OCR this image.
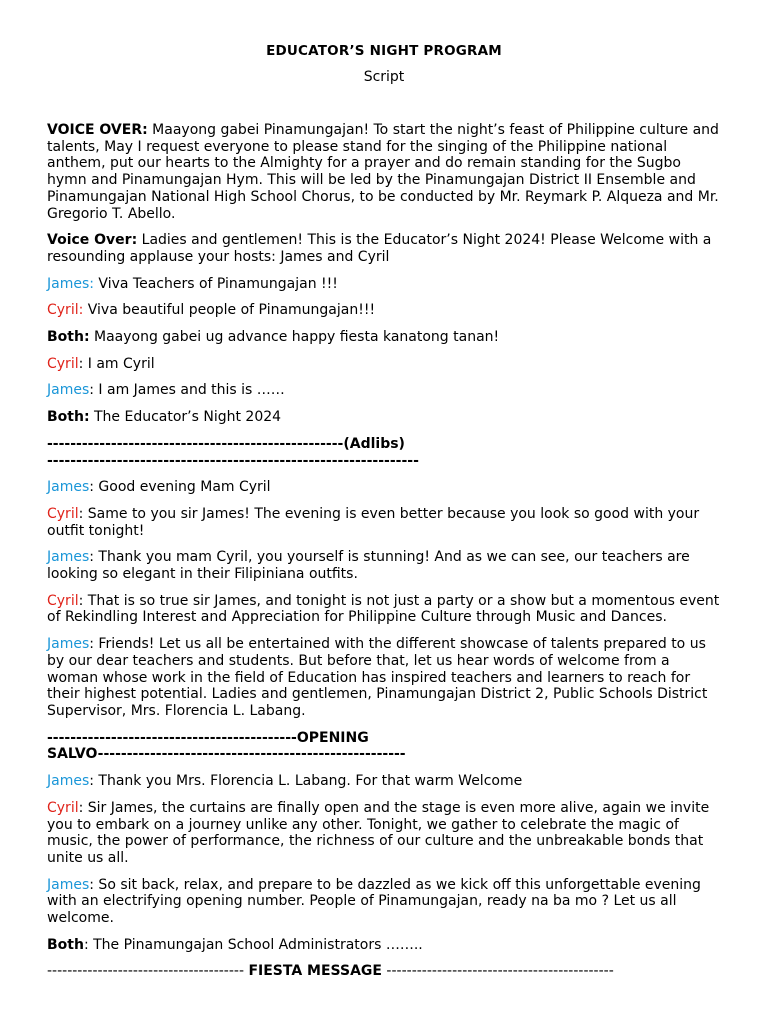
EDUCATOR’S NIGHT PROGRAM
Script

VOICE OVER: Maayong gabei Pinamungajan! To start the night’s feast of Philippine culture and talents, May I request everyone to please stand for the singing of the Philippine national anthem, put our hearts to the Almighty for a prayer and do remain standing for the Sugbo hymn and Pinamungajan Hym. This will be led by the Pinamungajan District II Ensemble and Pinamungajan National High School Chorus, to be conducted by Mr. Reymark P. Alqueza and Mr. Gregorio T. Abello.

Voice Over: Ladies and gentlemen! This is the Educator’s Night 2024! Please Welcome with a resounding applause your hosts: James and Cyril

James: Viva Teachers of Pinamungajan !!!

Cyril: Viva beautiful people of Pinamungajan!!!

Both: Maayong gabei ug advance happy fiesta kanatong tanan!

Cyril: I am Cyril

James: I am James and this is ……

Both: The Educator’s Night 2024

---------------------------------------------------(Adlibs)
----------------------------------------------------------------

James: Good evening Mam Cyril

Cyril: Same to you sir James! The evening is even better because you look so good with your outfit tonight!

James: Thank you mam Cyril, you yourself is stunning! And as we can see, our teachers are looking so elegant in their Filipiniana outfits.

Cyril: That is so true sir James, and tonight is not just a party or a show but a momentous event of Rekindling Interest and Appreciation for Philippine Culture through Music and Dances.

James: Friends! Let us all be entertained with the different showcase of talents prepared to us by our dear teachers and students. But before that, let us hear words of welcome from a woman whose work in the field of Education has inspired teachers and learners to reach for their highest potential. Ladies and gentlemen, Pinamungajan District 2, Public Schools District Supervisor, Mrs. Florencia L. Labang.

-------------------------------------------OPENING
SALVO-----------------------------------------------------

James: Thank you Mrs. Florencia L. Labang. For that warm Welcome

Cyril: Sir James, the curtains are finally open and the stage is even more alive, again we invite you to embark on a journey unlike any other. Tonight, we gather to celebrate the magic of music, the power of performance, the richness of our culture and the unbreakable bonds that unite us all.

James: So sit back, relax, and prepare to be dazzled as we kick off this unforgettable evening with an electrifying opening number. People of Pinamungajan, ready na ba mo ? Let us all welcome.

Both: The Pinamungajan School Administrators ……..

--------------------------------------- FIESTA MESSAGE ---------------------------------------------
